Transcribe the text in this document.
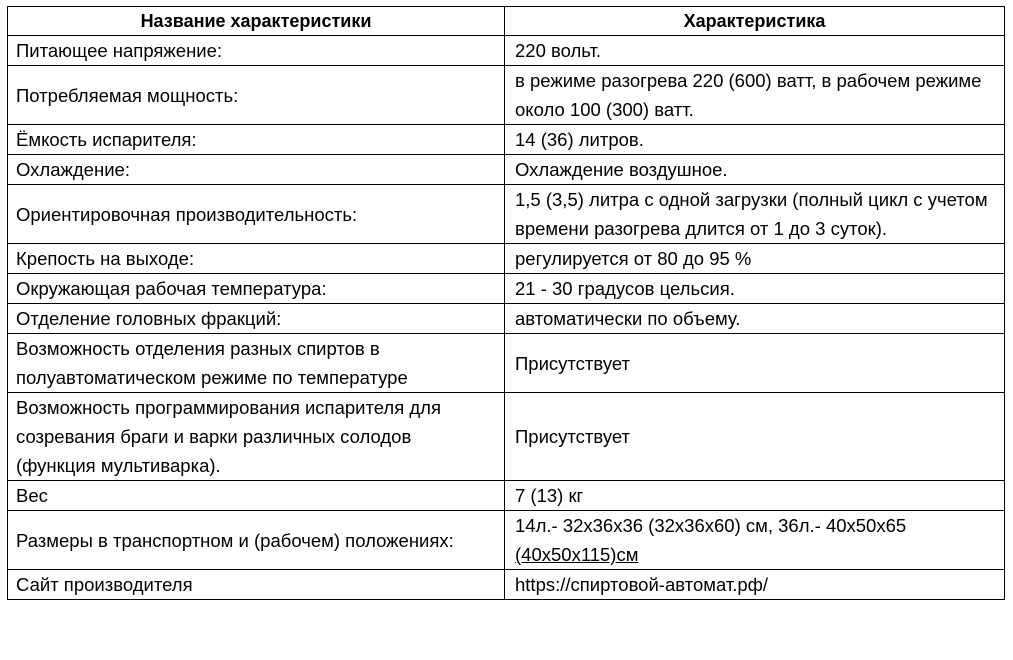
Название характеристики	Характеристика
Питающее напряжение:	220 вольт.
Потребляемая мощность:	в режиме разогрева 220 (600) ватт, в рабочем режиме около 100 (300) ватт.
Ёмкость испарителя:	14 (36) литров.
Охлаждение:	Охлаждение воздушное.
Ориентировочная производительность:	1,5 (3,5) литра с одной загрузки (полный цикл с учетом времени разогрева длится от 1 до 3 суток).
Крепость на выходе:	регулируется от 80 до 95 %
Окружающая рабочая температура:	21 - 30 градусов цельсия.
Отделение головных фракций:	автоматически по объему.
Возможность отделения разных спиртов в полуавтоматическом режиме по температуре	Присутствует
Возможность программирования испарителя для созревания браги и варки различных солодов (функция мультиварка).	Присутствует
Вес	7 (13) кг
Размеры в транспортном и (рабочем) положениях:	14л.- 32х36х36 (32х36х60) см, 36л.- 40х50х65 (40х50х115)см
Сайт производителя	https://спиртовой-автомат.рф/
